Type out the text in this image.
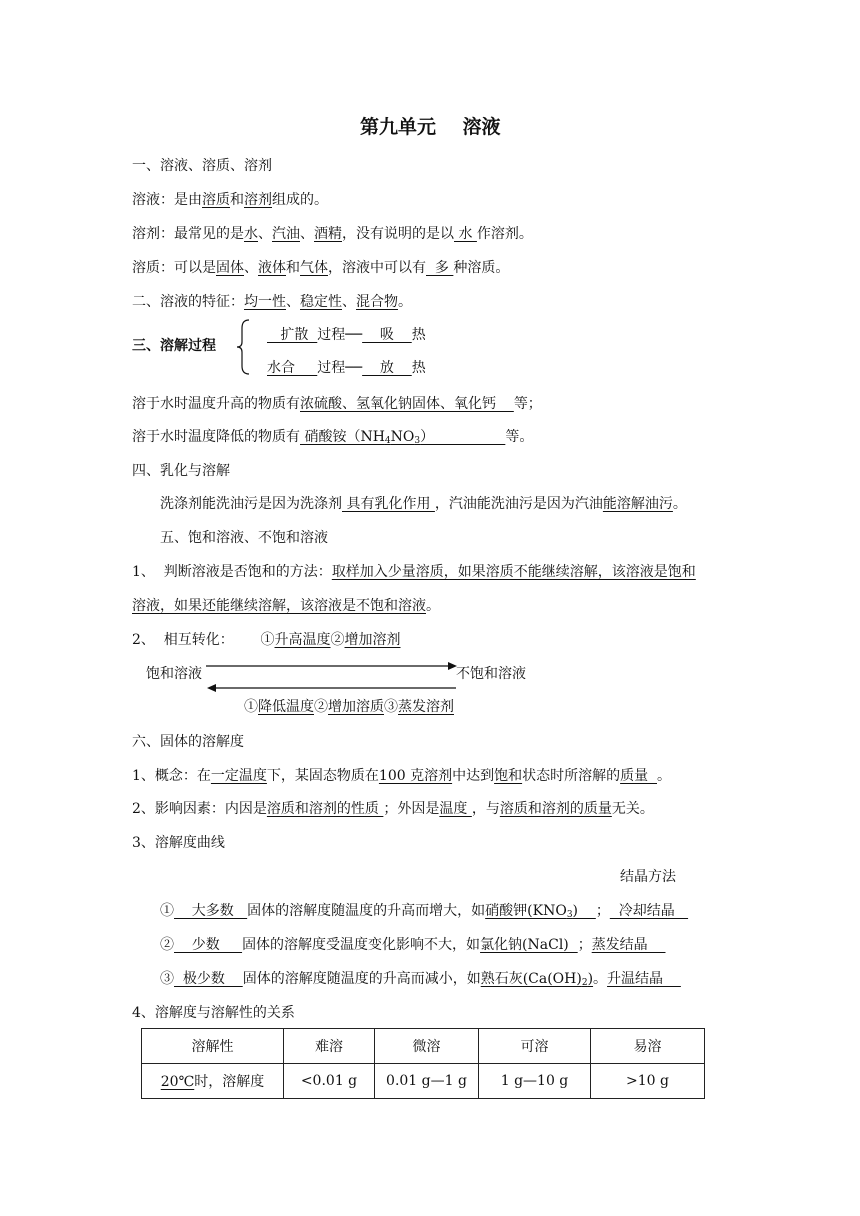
第九单元 溶液
一、溶液、溶质、溶剂
溶液：是由溶质和溶剂组成的。
溶剂：最常见的是水、汽油、酒精，没有说明的是以 水 作溶剂。
溶质：可以是固体、液体和气体，溶液中可以有  多 种溶质。
二、溶液的特征：均一性、稳定性、混合物。
三、溶解过程
扩散  过程──    吸    热
水合     过程──    放    热
溶于水时温度升高的物质有浓硫酸、氢氧化钠固体、氧化钙    等；
溶于水时温度降低的物质有 硝酸铵$(NH_4NO_3)$                等。
四、乳化与溶解
洗涤剂能洗油污是因为洗涤剂 具有乳化作用 ，汽油能洗油污是因为汽油能溶解油污。
五、饱和溶液、不饱和溶液
1、  判断溶液是否饱和的方法：取样加入少量溶质，如果溶质不能继续溶解，该溶液是饱和
溶液，如果还能继续溶解，该溶液是不饱和溶液。
2、  相互转化： ①升高温度②增加溶剂
饱和溶液	不饱和溶液
①降低温度②增加溶质③蒸发溶剂
六、固体的溶解度
1、概念：在一定温度下，某固态物质在100 克溶剂中达到饱和状态时所溶解的质量  。
2、影响因素：内因是溶质和溶剂的性质 ；外因是温度 ，与溶质和溶剂的质量无关。
3、溶解度曲线
结晶方法
①    大多数   固体的溶解度随温度的升高而增大，如硝酸钾$(KNO_3)$    ；  冷却结晶
②    少数     固体的溶解度受温度变化影响不大，如氯化钠(NaCl)  ；蒸发结晶
③  极少数    固体的溶解度随温度的升高而减小，如熟石灰$(Ca(OH)_2)$。升温结晶
4、溶解度与溶解性的关系
溶解性	难溶	微溶	可溶	易溶
20℃时，溶解度	<0.01 g	0.01 g—1 g	1 g—10 g	>10 g
